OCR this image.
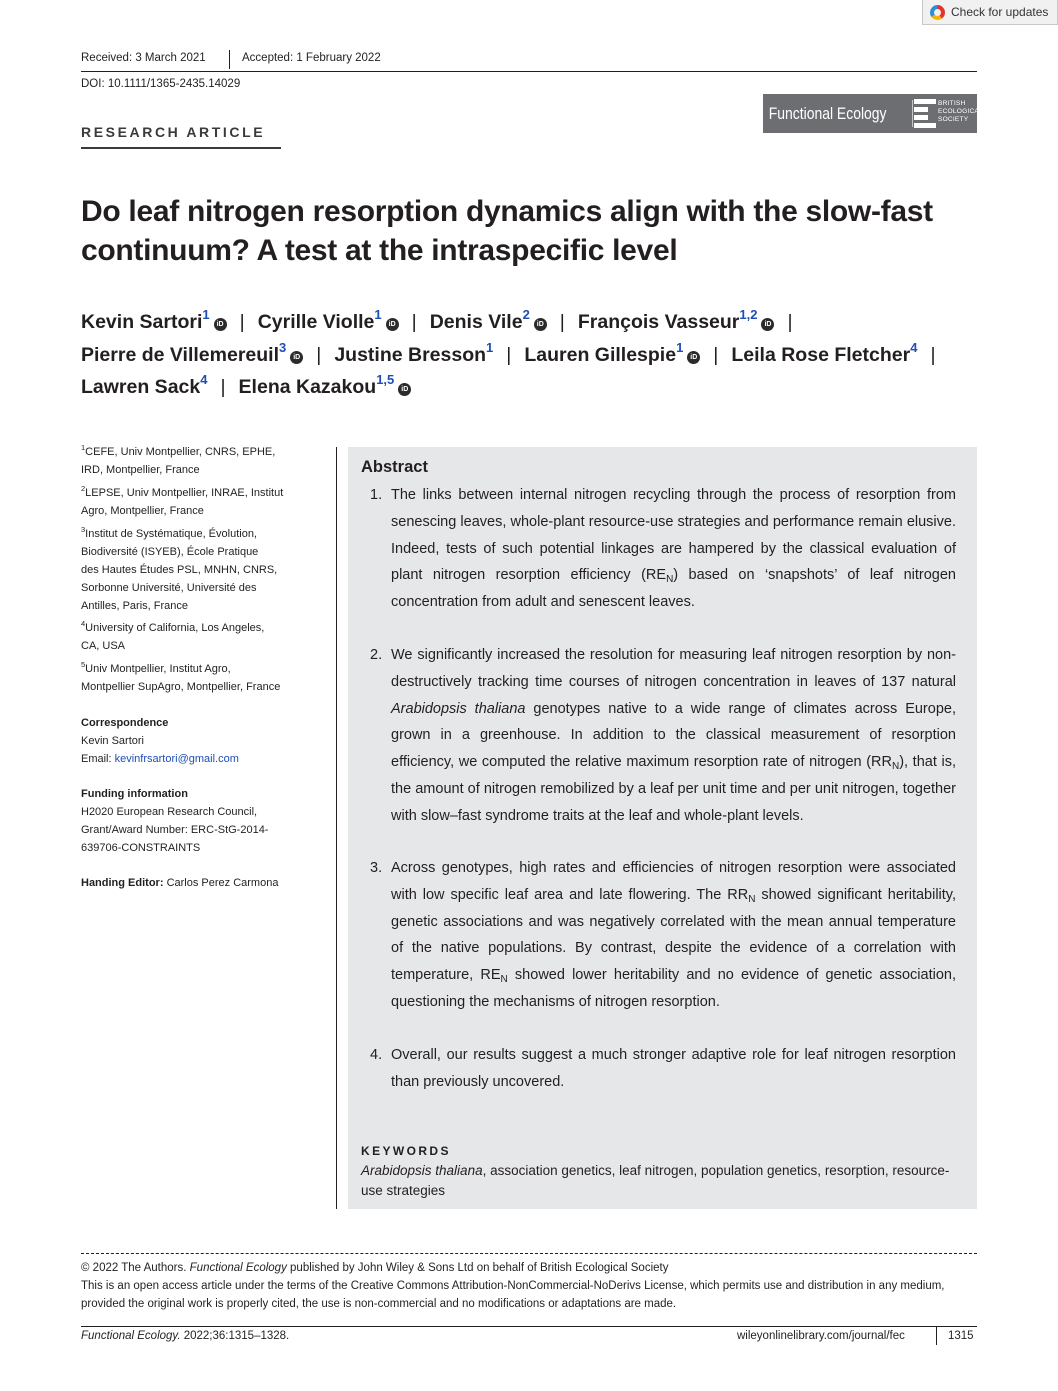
Check for updates
Received: 3 March 2021	Accepted: 1 February 2022
DOI: 10.1111/1365-2435.14029
RESEARCH ARTICLE
Functional Ecology	BRITISH
ECOLOGICAL
SOCIETY
Do leaf nitrogen resorption dynamics align with the slow-fast
continuum? A test at the intraspecific level
Kevin Sartori$^1$iD | Cyrille Violle$^1$iD | Denis Vile$^2$iD | François Vasseur$^{1,2}$iD |
Pierre de Villemereuil$^3$iD | Justine Bresson$^1$ | Lauren Gillespie$^1$iD | Leila Rose Fletcher$^4$ |
Lawren Sack$^4$ | Elena Kazakou$^{1,5}$iD
$^1$CEFE, Univ Montpellier, CNRS, EPHE,
IRD, Montpellier, France
$^2$LEPSE, Univ Montpellier, INRAE, Institut
Agro, Montpellier, France
$^3$Institut de Systématique, Évolution,
Biodiversité (ISYEB), École Pratique
des Hautes Études PSL, MNHN, CNRS,
Sorbonne Université, Université des
Antilles, Paris, France
$^4$University of California, Los Angeles,
CA, USA
$^5$Univ Montpellier, Institut Agro,
Montpellier SupAgro, Montpellier, France
Correspondence
Kevin Sartori
Email: kevinfrsartori@gmail.com
Funding information
H2020 European Research Council,
Grant/Award Number: ERC-StG-2014-
639706-CONSTRAINTS
Handing Editor: Carlos Perez Carmona
Abstract
1. The links between internal nitrogen recycling through the process of resorption from senescing leaves, whole-plant resource-use strategies and performance remain elusive. Indeed, tests of such potential linkages are hampered by the classical evaluation of plant nitrogen resorption efficiency $(RE_N)$ based on ‘snapshots’ of leaf nitrogen concentration from adult and senescent leaves.
2. We significantly increased the resolution for measuring leaf nitrogen resorption by non-destructively tracking time courses of nitrogen concentration in leaves of 137 natural Arabidopsis thaliana genotypes native to a wide range of climates across Europe, grown in a greenhouse. In addition to the classical measurement of resorption efficiency, we computed the relative maximum resorption rate of nitrogen $(RR_N)$, that is, the amount of nitrogen remobilized by a leaf per unit time and per unit nitrogen, together with slow–fast syndrome traits at the leaf and whole-plant levels.
3. Across genotypes, high rates and efficiencies of nitrogen resorption were associated with low specific leaf area and late flowering. The $RR_N$ showed significant heritability, genetic associations and was negatively correlated with the mean annual temperature of the native populations. By contrast, despite the evidence of a correlation with temperature, $RE_N$ showed lower heritability and no evidence of genetic association, questioning the mechanisms of nitrogen resorption.
4. Overall, our results suggest a much stronger adaptive role for leaf nitrogen resorption than previously uncovered.
KEYWORDS
Arabidopsis thaliana, association genetics, leaf nitrogen, population genetics, resorption, resource-use strategies
© 2022 The Authors. Functional Ecology published by John Wiley & Sons Ltd on behalf of British Ecological Society
This is an open access article under the terms of the Creative Commons Attribution-NonCommercial-NoDerivs License, which permits use and distribution in any medium, provided the original work is properly cited, the use is non-commercial and no modifications or adaptations are made.
Functional Ecology. 2022;36:1315–1328.	wileyonlinelibrary.com/journal/fec	1315
